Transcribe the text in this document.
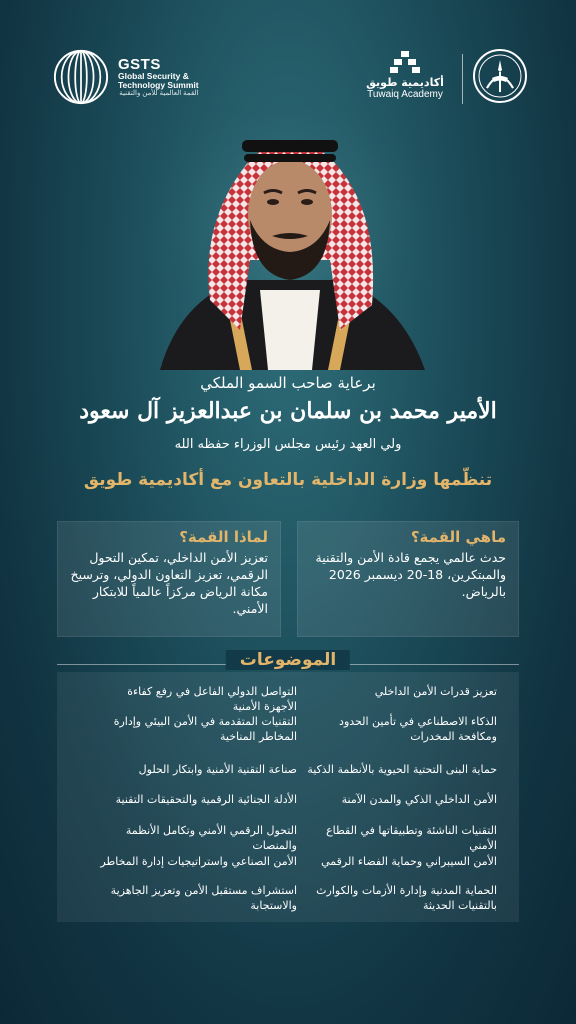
GSTS
Global Security &
Technology Summit
القمة العالمية للأمن والتقنية
أكاديمية طويق
Tuwaiq Academy
برعاية صاحب السمو الملكي
الأمير محمد بن سلمان بن عبدالعزيز آل سعود
ولي العهد رئيس مجلس الوزراء حفظه الله
تنظّمها وزارة الداخلية بالتعاون مع أكاديمية طويق
ماهي القمة؟

حدث عالمي يجمع قادة الأمن والتقنية والمبتكرين، 18-20 ديسمبر 2026 بالرياض.

لماذا القمة؟

تعزيز الأمن الداخلي، تمكين التحول الرقمي، تعزيز التعاون الدولي، وترسيخ مكانة الرياض مركزاً عالمياً للابتكار الأمني.

الموضوعات
تعزيز قدرات الأمن الداخلي
الذكاء الاصطناعي في تأمين الحدود ومكافحة المخدرات
حماية البنى التحتية الحيوية بالأنظمة الذكية
الأمن الداخلي الذكي والمدن الآمنة
التقنيات الناشئة وتطبيقاتها في القطاع الأمني
الأمن السيبراني وحماية الفضاء الرقمي
الحماية المدنية وإدارة الأزمات والكوارث بالتقنيات الحديثة
التواصل الدولي الفاعل في رفع كفاءة الأجهزة الأمنية
التقنيات المتقدمة في الأمن البيئي وإدارة المخاطر المناخية
صناعة التقنية الأمنية وابتكار الحلول
الأدلة الجنائية الرقمية والتحقيقات التقنية
التحول الرقمي الأمني وتكامل الأنظمة والمنصات
الأمن الصناعي واستراتيجيات إدارة المخاطر
استشراف مستقبل الأمن وتعزيز الجاهزية والاستجابة
